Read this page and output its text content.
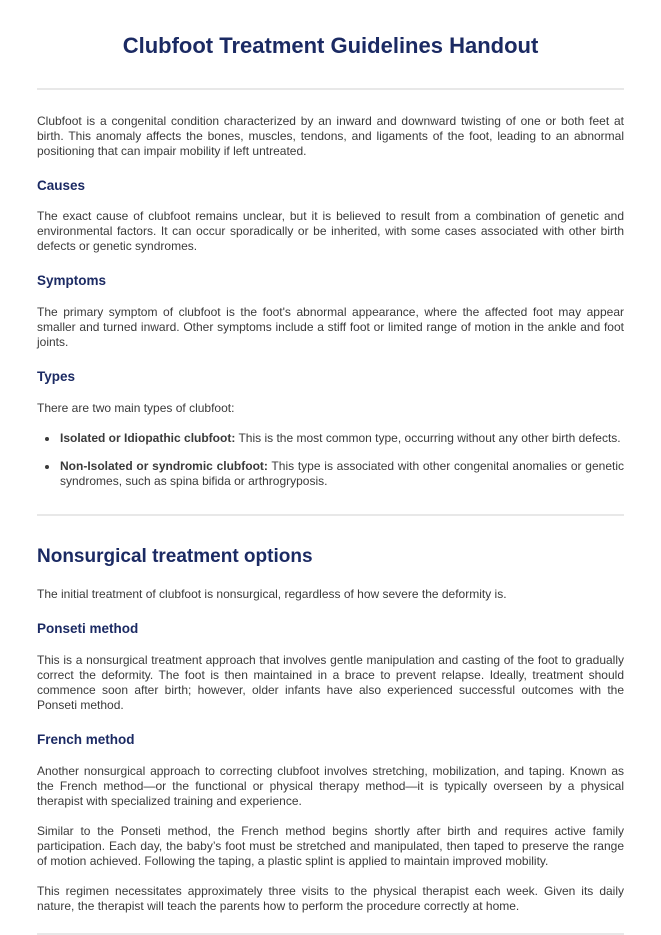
Clubfoot Treatment Guidelines Handout

Clubfoot is a congenital condition characterized by an inward and downward twisting of one or both feet at birth. This anomaly affects the bones, muscles, tendons, and ligaments of the foot, leading to an abnormal positioning that can impair mobility if left untreated.

Causes

The exact cause of clubfoot remains unclear, but it is believed to result from a combination of genetic and environmental factors. It can occur sporadically or be inherited, with some cases associated with other birth defects or genetic syndromes.

Symptoms

The primary symptom of clubfoot is the foot's abnormal appearance, where the affected foot may appear smaller and turned inward. Other symptoms include a stiff foot or limited range of motion in the ankle and foot joints.

Types

There are two main types of clubfoot:

• Isolated or Idiopathic clubfoot: This is the most common type, occurring without any other birth defects.
• Non-Isolated or syndromic clubfoot: This type is associated with other congenital anomalies or genetic syndromes, such as spina bifida or arthrogryposis.
Nonsurgical treatment options

The initial treatment of clubfoot is nonsurgical, regardless of how severe the deformity is.

Ponseti method

This is a nonsurgical treatment approach that involves gentle manipulation and casting of the foot to gradually correct the deformity. The foot is then maintained in a brace to prevent relapse. Ideally, treatment should commence soon after birth; however, older infants have also experienced successful outcomes with the Ponseti method.

French method

Another nonsurgical approach to correcting clubfoot involves stretching, mobilization, and taping. Known as the French method—or the functional or physical therapy method—it is typically overseen by a physical therapist with specialized training and experience.

Similar to the Ponseti method, the French method begins shortly after birth and requires active family participation. Each day, the baby’s foot must be stretched and manipulated, then taped to preserve the range of motion achieved. Following the taping, a plastic splint is applied to maintain improved mobility.

This regimen necessitates approximately three visits to the physical therapist each week. Given its daily nature, the therapist will teach the parents how to perform the procedure correctly at home.
